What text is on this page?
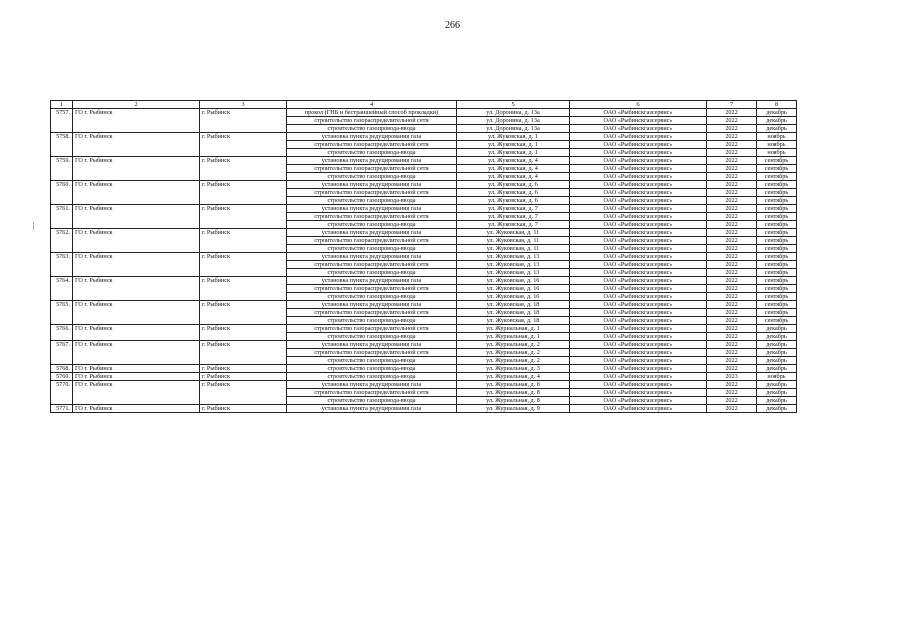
266
1	2	3	4	5	6	7	8
5757.	ГО г. Рыбинск	г. Рыбинск	прокол (ГНБ и бестраншейный способ прокладки)	ул. Доронина, д. 13а	ОАО «Рыбинскгазсервис»	2022	декабрь
			строительство газораспределительной сети	ул. Доронина, д. 13а	ОАО «Рыбинскгазсервис»	2022	декабрь
			строительство газопровода-ввода	ул. Доронина, д. 13а	ОАО «Рыбинскгазсервис»	2022	декабрь
5758.	ГО г. Рыбинск	г. Рыбинск	установка пункта редуцирования газа	ул. Жуковская, д. 1	ОАО «Рыбинскгазсервис»	2022	ноябрь
			строительство газораспределительной сети	ул. Жуковская, д. 1	ОАО «Рыбинскгазсервис»	2022	ноябрь
			строительство газопровода-ввода	ул. Жуковская, д. 1	ОАО «Рыбинскгазсервис»	2022	ноябрь
5759.	ГО г. Рыбинск	г. Рыбинск	установка пункта редуцирования газа	ул. Жуковская, д. 4	ОАО «Рыбинскгазсервис»	2022	сентябрь
			строительство газораспределительной сети	ул. Жуковская, д. 4	ОАО «Рыбинскгазсервис»	2022	сентябрь
			строительство газопровода-ввода	ул. Жуковская, д. 4	ОАО «Рыбинскгазсервис»	2022	сентябрь
5760.	ГО г. Рыбинск	г. Рыбинск	установка пункта редуцирования газа	ул. Жуковская, д. 6	ОАО «Рыбинскгазсервис»	2022	сентябрь
			строительство газораспределительной сети	ул. Жуковская, д. 6	ОАО «Рыбинскгазсервис»	2022	сентябрь
			строительство газопровода-ввода	ул. Жуковская, д. 6	ОАО «Рыбинскгазсервис»	2022	сентябрь
5761.	ГО г. Рыбинск	г. Рыбинск	установка пункта редуцирования газа	ул. Жуковская, д. 7	ОАО «Рыбинскгазсервис»	2022	сентябрь
			строительство газораспределительной сети	ул. Жуковская, д. 7	ОАО «Рыбинскгазсервис»	2022	сентябрь
			строительство газопровода-ввода	ул. Жуковская, д. 7	ОАО «Рыбинскгазсервис»	2022	сентябрь
5762.	ГО г. Рыбинск	г. Рыбинск	установка пункта редуцирования газа	ул. Жуковская, д. 11	ОАО «Рыбинскгазсервис»	2022	сентябрь
			строительство газораспределительной сети	ул. Жуковская, д. 11	ОАО «Рыбинскгазсервис»	2022	сентябрь
			строительство газопровода-ввода	ул. Жуковская, д. 11	ОАО «Рыбинскгазсервис»	2022	сентябрь
5763.	ГО г. Рыбинск	г. Рыбинск	установка пункта редуцирования газа	ул. Жуковская, д. 13	ОАО «Рыбинскгазсервис»	2022	сентябрь
			строительство газораспределительной сети	ул. Жуковская, д. 13	ОАО «Рыбинскгазсервис»	2022	сентябрь
			строительство газопровода-ввода	ул. Жуковская, д. 13	ОАО «Рыбинскгазсервис»	2022	сентябрь
5764.	ГО г. Рыбинск	г. Рыбинск	установка пункта редуцирования газа	ул. Жуковская, д. 16	ОАО «Рыбинскгазсервис»	2022	сентябрь
			строительство газораспределительной сети	ул. Жуковская, д. 16	ОАО «Рыбинскгазсервис»	2022	сентябрь
			строительство газопровода-ввода	ул. Жуковская, д. 16	ОАО «Рыбинскгазсервис»	2022	сентябрь
5765.	ГО г. Рыбинск	г. Рыбинск	установка пункта редуцирования газа	ул. Жуковская, д. 18	ОАО «Рыбинскгазсервис»	2022	сентябрь
			строительство газораспределительной сети	ул. Жуковская, д. 18	ОАО «Рыбинскгазсервис»	2022	сентябрь
			строительство газопровода-ввода	ул. Жуковская, д. 18	ОАО «Рыбинскгазсервис»	2022	сентябрь
5766.	ГО г. Рыбинск	г. Рыбинск	строительство газораспределительной сети	ул. Журнальная, д. 1	ОАО «Рыбинскгазсервис»	2022	декабрь
			строительство газопровода-ввода	ул. Журнальная, д. 1	ОАО «Рыбинскгазсервис»	2022	декабрь
5767.	ГО г. Рыбинск	г. Рыбинск	установка пункта редуцирования газа	ул. Журнальная, д. 2	ОАО «Рыбинскгазсервис»	2022	декабрь
			строительство газораспределительной сети	ул. Журнальная, д. 2	ОАО «Рыбинскгазсервис»	2022	декабрь
			строительство газопровода-ввода	ул. Журнальная, д. 2	ОАО «Рыбинскгазсервис»	2022	декабрь
5768.	ГО г. Рыбинск	г. Рыбинск	строительство газопровода-ввода	ул. Журнальная, д. 3	ОАО «Рыбинскгазсервис»	2022	декабрь
5769.	ГО г. Рыбинск	г. Рыбинск	строительство газопровода-ввода	ул. Журнальная, д. 4	ОАО «Рыбинскгазсервис»	2023	ноябрь
5770.	ГО г. Рыбинск	г. Рыбинск	установка пункта редуцирования газа	ул. Журнальная, д. 8	ОАО «Рыбинскгазсервис»	2022	декабрь
			строительство газораспределительной сети	ул. Журнальная, д. 8	ОАО «Рыбинскгазсервис»	2022	декабрь
			строительство газопровода-ввода	ул. Журнальная, д. 8	ОАО «Рыбинскгазсервис»	2022	декабрь
5771.	ГО г. Рыбинск	г. Рыбинск	установка пункта редуцирования газа	ул. Журнальная, д. 9	ОАО «Рыбинскгазсервис»	2022	декабрь
